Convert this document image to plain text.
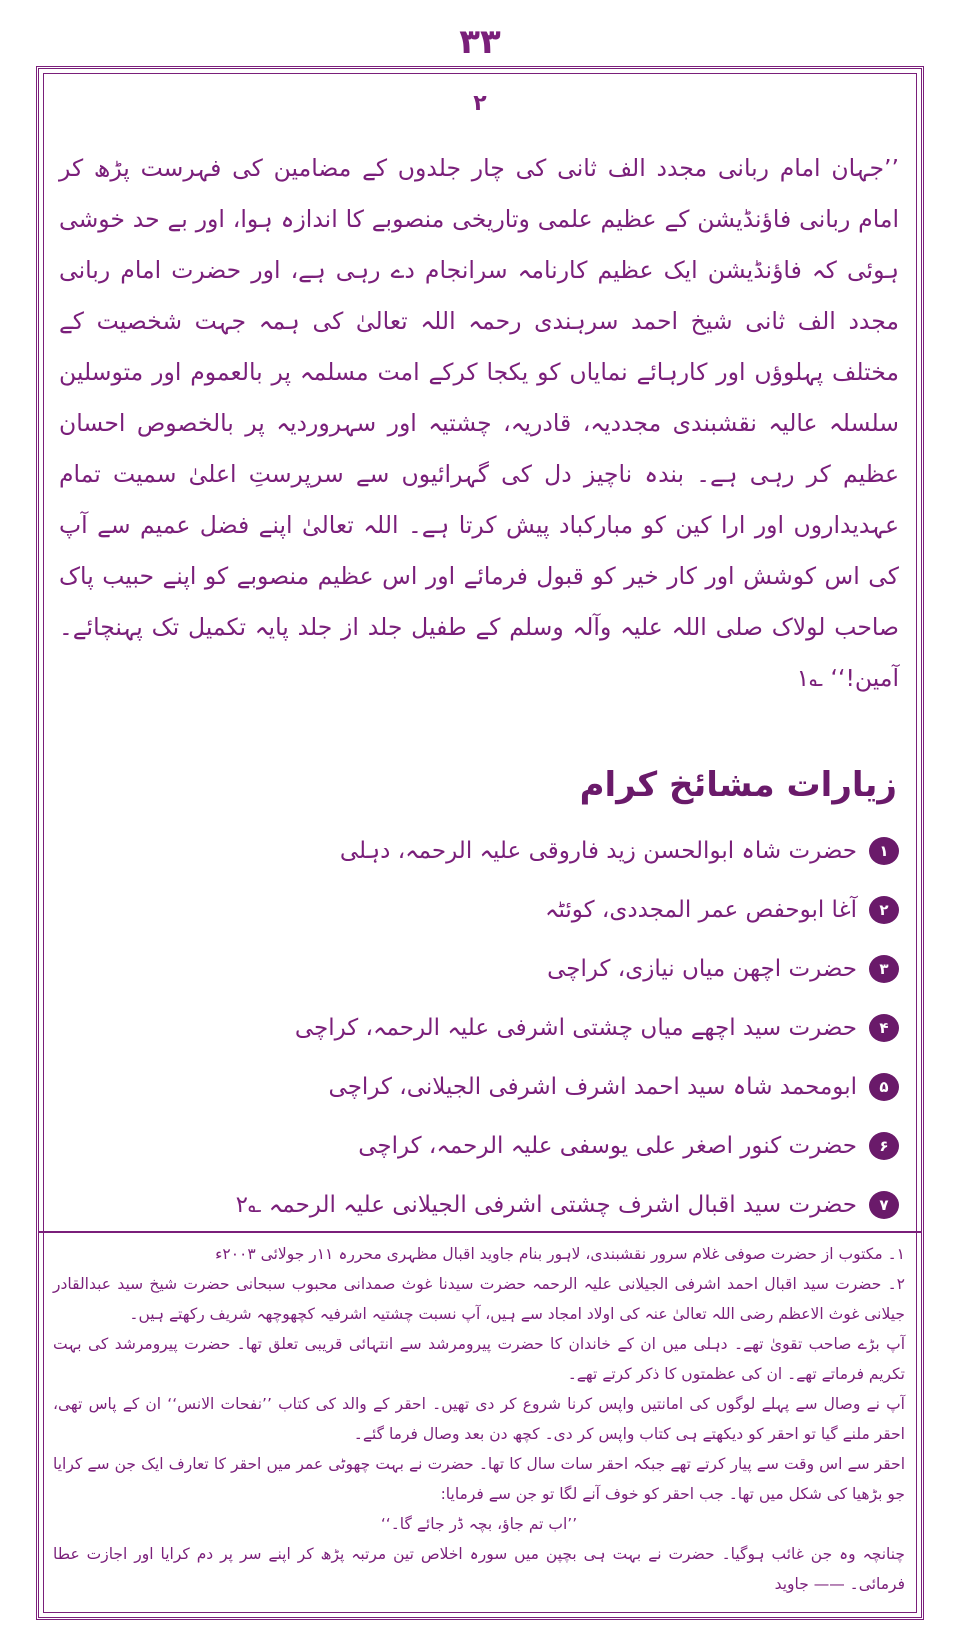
۳۳
۲

’’جہان امام ربانی مجدد الف ثانی کی چار جلدوں کے مضامین کی فہرست پڑھ کر امام ربانی فاؤنڈیشن کے عظیم علمی وتاریخی منصوبے کا اندازہ ہوا، اور بے حد خوشی ہوئی کہ فاؤنڈیشن ایک عظیم کارنامہ سرانجام دے رہی ہے، اور حضرت امام ربانی مجدد الف ثانی شیخ احمد سرہندی رحمہ اللہ تعالیٰ کی ہمہ جہت شخصیت کے مختلف پہلوؤں اور کارہائے نمایاں کو یکجا کرکے امت مسلمہ پر بالعموم اور متوسلین سلسلہ عالیہ نقشبندی مجددیہ، قادریہ، چشتیہ اور سہروردیہ پر بالخصوص احسان عظیم کر رہی ہے۔ بندہ ناچیز دل کی گہرائیوں سے سرپرستِ اعلیٰ سمیت تمام عہدیداروں اور ارا کین کو مبارکباد پیش کرتا ہے۔ اللہ تعالیٰ اپنے فضل عمیم سے آپ کی اس کوشش اور کار خیر کو قبول فرمائے اور اس عظیم منصوبے کو اپنے حبیب پاک صاحب لولاک صلی اللہ علیہ وآلہ وسلم کے طفیل جلد از جلد پایہ تکمیل تک پہنچائے۔ آمین!‘‘ ؎۱

زیارات مشائخ کرام
۱
حضرت شاہ ابوالحسن زید فاروقی علیہ الرحمہ، دہلی
۲
آغا ابوحفص عمر المجددی، کوئٹہ
۳
حضرت اچھن میاں نیازی، کراچی
۴
حضرت سید اچھے میاں چشتی اشرفی علیہ الرحمہ، کراچی
۵
ابومحمد شاہ سید احمد اشرف اشرفی الجیلانی، کراچی
۶
حضرت کنور اصغر علی یوسفی علیہ الرحمہ، کراچی
۷
حضرت سید اقبال اشرف چشتی اشرفی الجیلانی علیہ الرحمہ ؎۲

۱۔ مکتوب از حضرت صوفی غلام سرور نقشبندی، لاہور بنام جاوید اقبال مظہری محررہ ۱۱ر جولائی ۲۰۰۳ء

۲۔ حضرت سید اقبال احمد اشرفی الجیلانی علیہ الرحمہ حضرت سیدنا غوث صمدانی محبوب سبحانی حضرت شیخ سید عبدالقادر جیلانی غوث الاعظم رضی اللہ تعالیٰ عنہ کی اولاد امجاد سے ہیں، آپ نسبت چشتیہ اشرفیہ کچھوچھہ شریف رکھتے ہیں۔

آپ بڑے صاحب تقویٰ تھے۔ دہلی میں ان کے خاندان کا حضرت پیرومرشد سے انتہائی قریبی تعلق تھا۔ حضرت پیرومرشد کی بہت تکریم فرماتے تھے۔ ان کی عظمتوں کا ذکر کرتے تھے۔

آپ نے وصال سے پہلے لوگوں کی امانتیں واپس کرنا شروع کر دی تھیں۔ احقر کے والد کی کتاب ’’نفحات الانس‘‘ ان کے پاس تھی، احقر ملنے گیا تو احقر کو دیکھتے ہی کتاب واپس کر دی۔ کچھ دن بعد وصال فرما گئے۔

احقر سے اس وقت سے پیار کرتے تھے جبکہ احقر سات سال کا تھا۔ حضرت نے بہت چھوٹی عمر میں احقر کا تعارف ایک جن سے کرایا جو بڑھیا کی شکل میں تھا۔ جب احقر کو خوف آنے لگا تو جن سے فرمایا:

’’اب تم جاؤ، بچہ ڈر جائے گا۔‘‘

چنانچہ وہ جن غائب ہوگیا۔ حضرت نے بہت ہی بچپن میں سورہ اخلاص تین مرتبہ پڑھ کر اپنے سر پر دم کرایا اور اجازت عطا فرمائی۔ —— جاوید
